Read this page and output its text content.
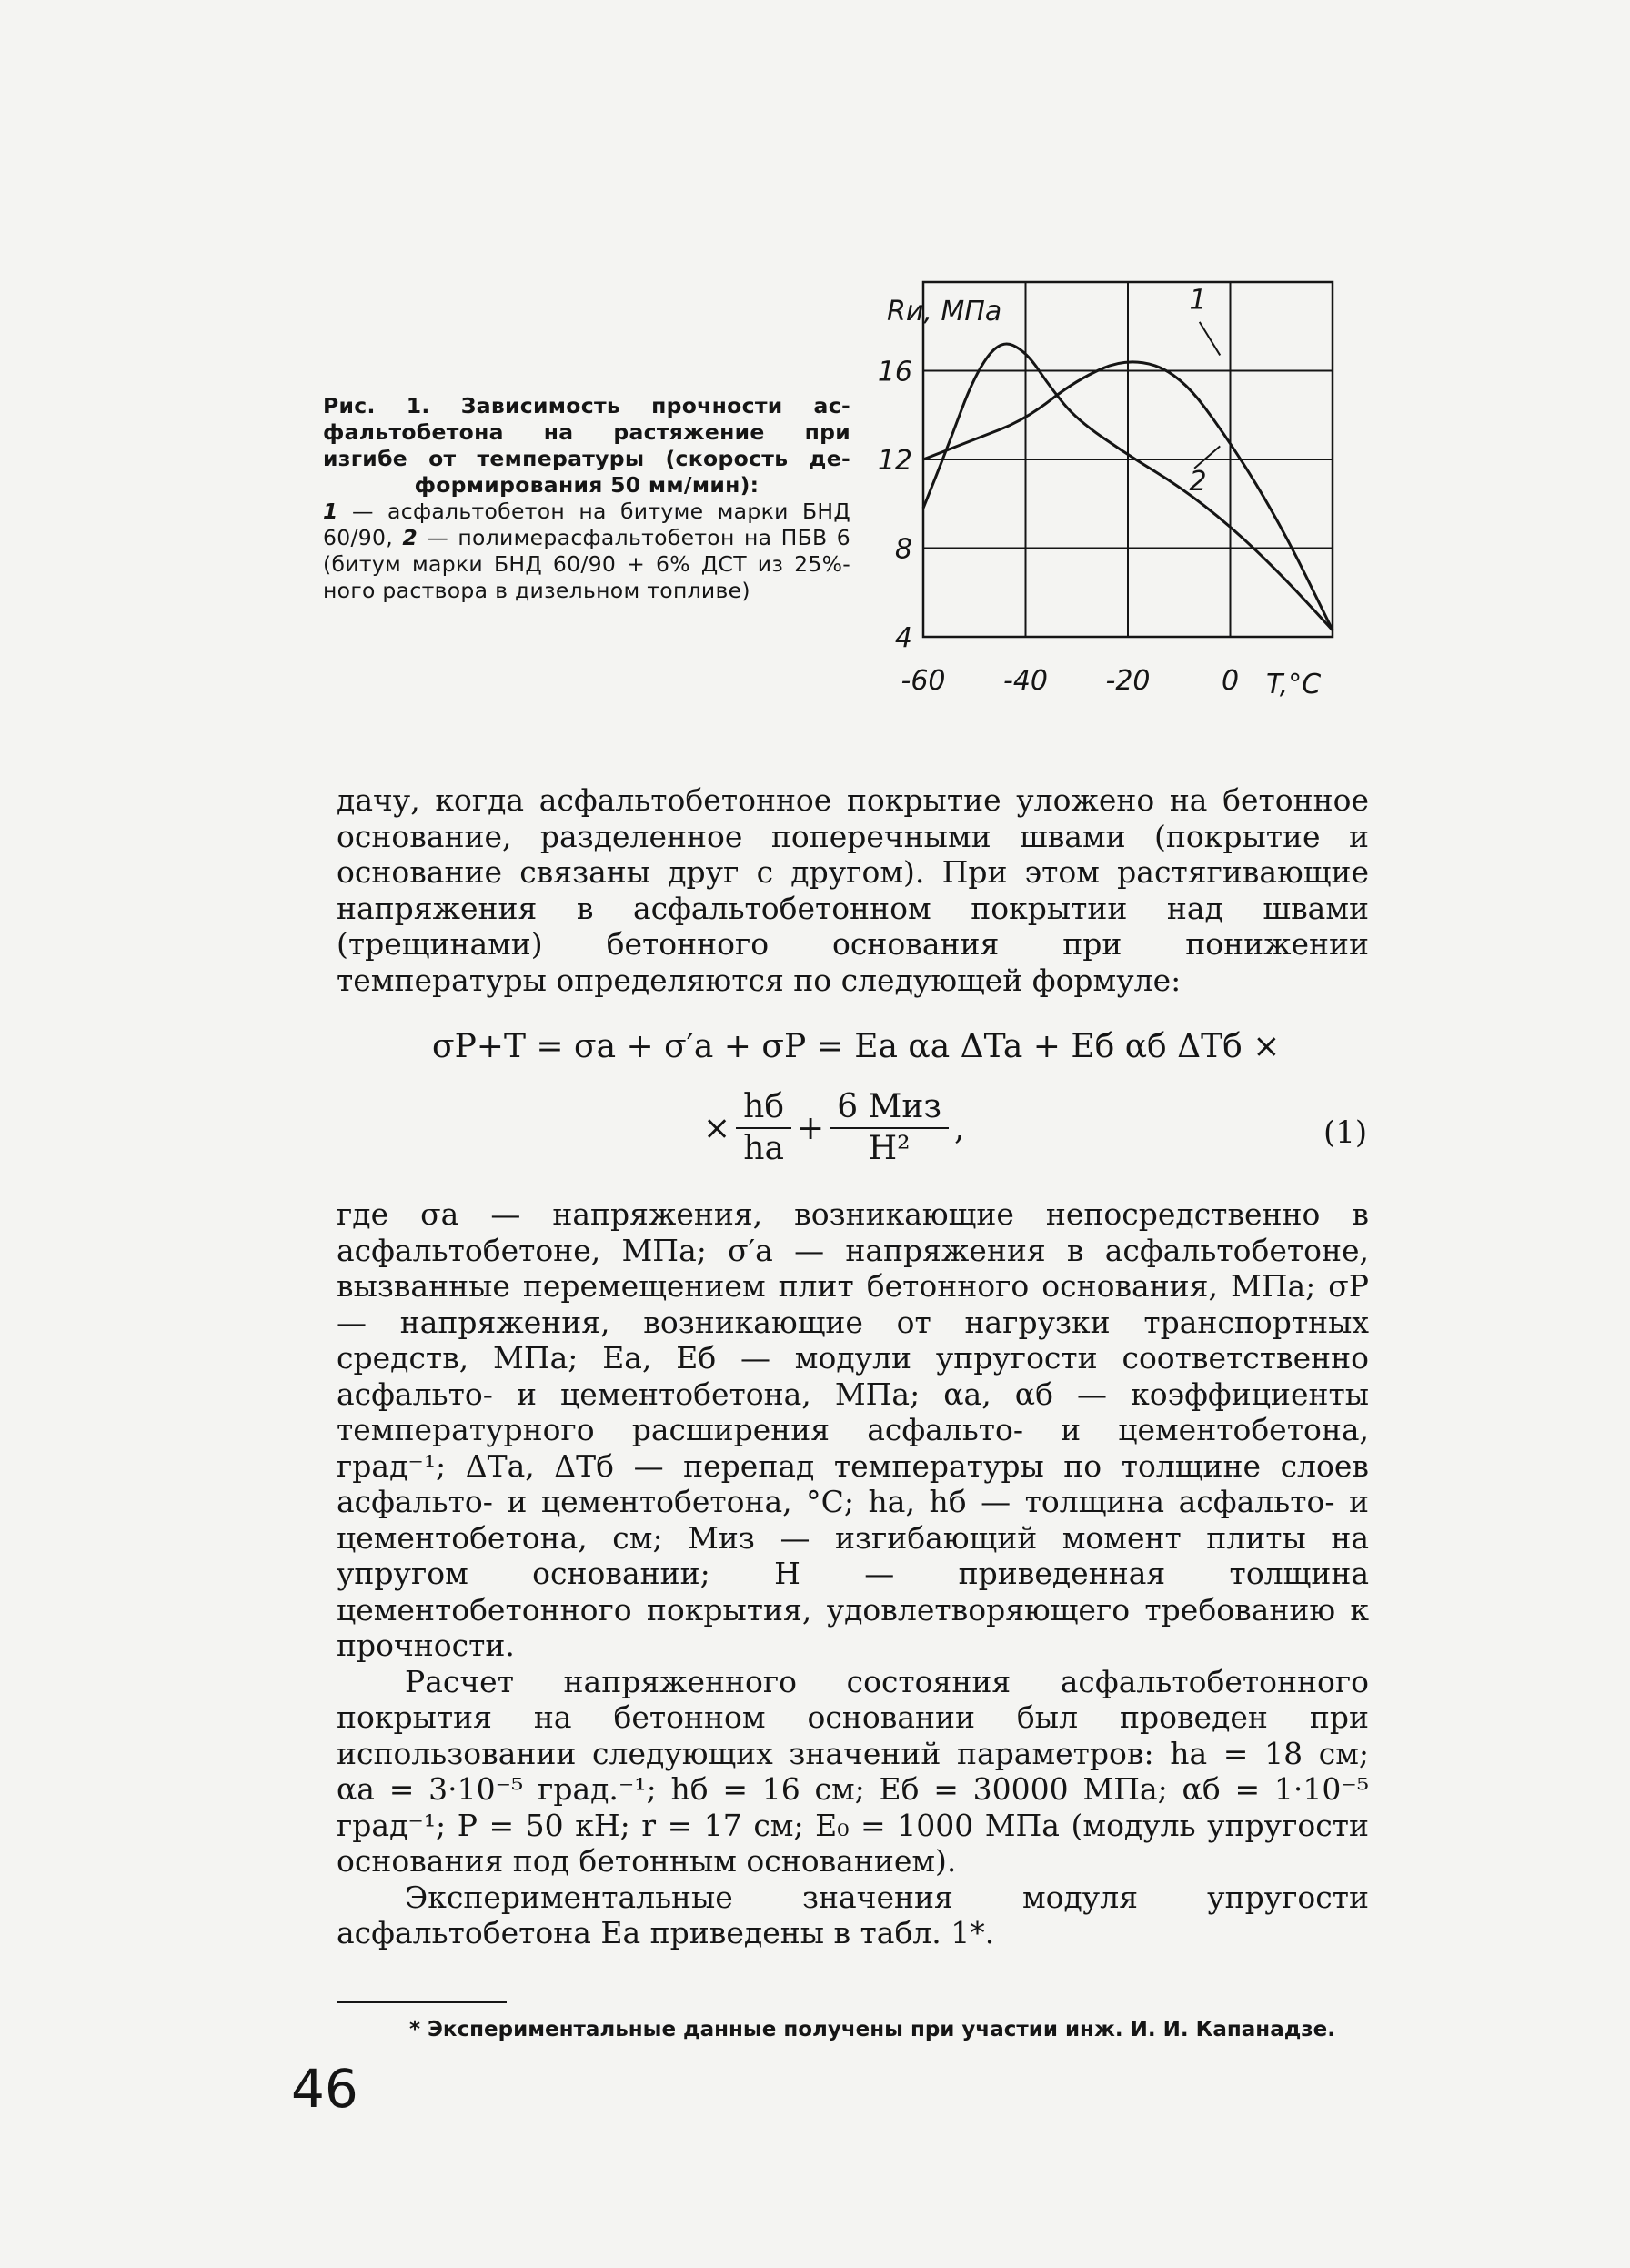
Рис. 1. Зависимость прочности ас-
фальтобетона на растяжение при
изгибе от температуры (скорость де-
формирования 50 мм/мин):
1 — асфальтобетон на битуме марки БНД 60/90, 2 — полимерасфальтобетон на ПБВ 6 (битум марки БНД 60/90 + 6% ДСТ из 25%-ного раствора в дизельном топливе)
1
2
4
8
12
16
-60 -40 -20	0
Rи, МПа
T,°C

дачу, когда асфальтобетонное покрытие уложено на бетонное основание, разделенное поперечными швами (покрытие и основание связаны друг с другом). При этом растягивающие напряжения в асфальтобетонном покрытии над швами (трещинами) бетонного основания при понижении температуры определяются по следующей формуле:

σP+T = σa + σ′a + σP = Ea αa ΔTa + Eб αб ΔTб ×
× $\frac{hб}{hа} + \frac{\text{6 Mиз}}{\text{H²}}$ ,	(1)

где σа — напряжения, возникающие непосредственно в асфальтобетоне, МПа; σ′а — напряжения в асфальтобетоне, вызванные перемещением плит бетонного основания, МПа; σP — напряжения, возникающие от нагрузки транспортных средств, МПа; Eа, Eб — модули упругости соответственно асфальто- и цементобетона, МПа; αа, αб — коэффициенты температурного расширения асфальто- и цементобетона, град⁻¹; ΔTа, ΔTб — перепад температуры по толщине слоев асфальто- и цементобетона, °С; hа, hб — толщина асфальто- и цементобетона, см; Mиз — изгибающий момент плиты на упругом основании; H — приведенная толщина цементобетонного покрытия, удовлетворяющего требованию к прочности.

Расчет напряженного состояния асфальтобетонного покрытия на бетонном основании был проведен при использовании следующих значений параметров: hа = 18 см; αа = 3·10⁻⁵ град.⁻¹; hб = 16 см; Eб = 30000 МПа; αб = 1·10⁻⁵ град⁻¹; P = 50 кН; r = 17 см; E₀ = 1000 МПа (модуль упругости основания под бетонным основанием).

Экспериментальные значения модуля упругости асфальтобетона Eа приведены в табл. 1*.

* Экспериментальные данные получены при участии инж. И. И. Капанадзе.
46
